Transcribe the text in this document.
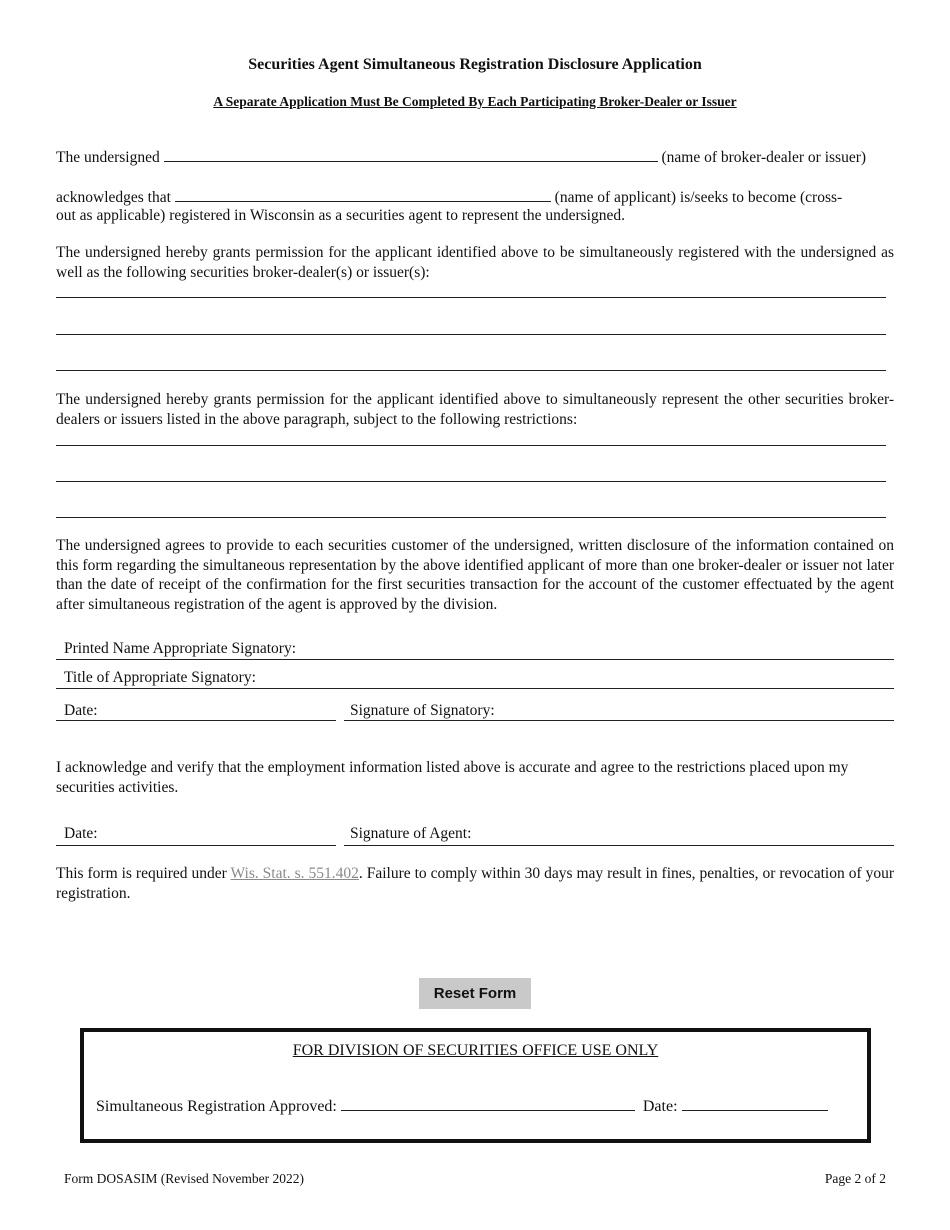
Securities Agent Simultaneous Registration Disclosure Application
A Separate Application Must Be Completed By Each Participating Broker-Dealer or Issuer
The undersigned	(name of broker-dealer or issuer)
acknowledges that	(name of applicant) is/seeks to become (cross-
out as applicable) registered in Wisconsin as a securities agent to represent the undersigned.
The undersigned hereby grants permission for the applicant identified above to be simultaneously registered with the undersigned as well as the following securities broker-dealer(s) or issuer(s):
The undersigned hereby grants permission for the applicant identified above to simultaneously represent the other securities broker-dealers or issuers listed in the above paragraph, subject to the following restrictions:
The undersigned agrees to provide to each securities customer of the undersigned, written disclosure of the information contained on this form regarding the simultaneous representation by the above identified applicant of more than one broker-dealer or issuer not later than the date of receipt of the confirmation for the first securities transaction for the account of the customer effectuated by the agent after simultaneous registration of the agent is approved by the division.
Printed Name Appropriate Signatory:
Title of Appropriate Signatory:
Date:	Signature of Signatory:
I acknowledge and verify that the employment information listed above is accurate and agree to the restrictions placed upon my securities activities.
Date:	Signature of Agent:
This form is required under Wis. Stat. s. 551.402. Failure to comply within 30 days may result in fines, penalties, or revocation of your registration.
Reset Form
FOR DIVISION OF SECURITIES OFFICE USE ONLY
Simultaneous Registration Approved:	Date:
Form DOSASIM (Revised November 2022)	Page 2 of 2
